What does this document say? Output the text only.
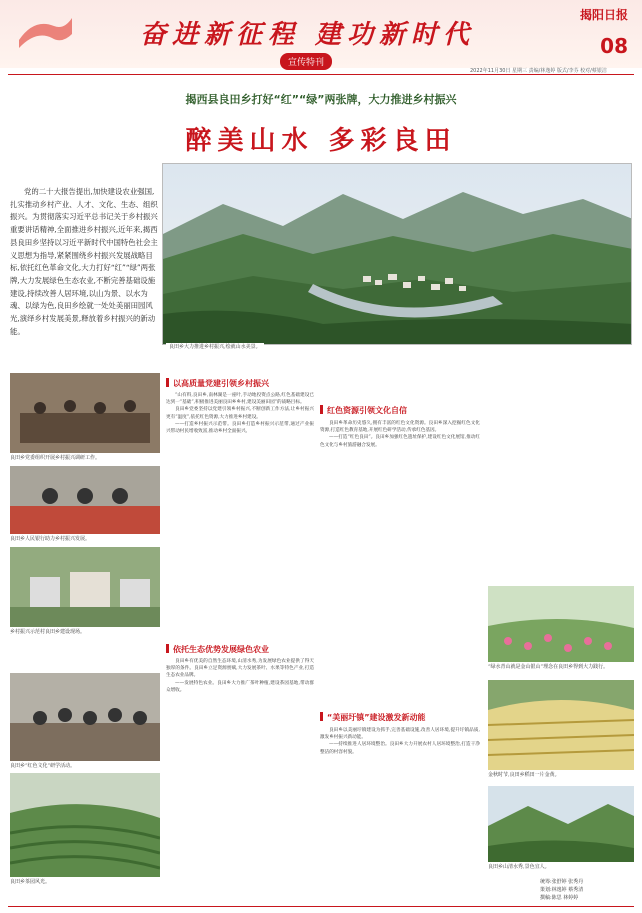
奋进新征程 建功新时代
揭阳日报
08
宣传特刊
2022年11月30日 星期三 责编/林逸婷 版式/李芬 校对/蔡银洁
揭西县良田乡打好“红”“绿”两张牌，大力推进乡村振兴
醉美山水 多彩良田
党的二十大报告提出,加快建设农业强国,扎实推动乡村产业、人才、文化、生态、组织振兴。为贯彻落实习近平总书记关于乡村振兴重要讲话精神,全面推进乡村振兴,近年来,揭西县良田乡坚持以习近平新时代中国特色社会主义思想为指导,紧紧围绕乡村振兴发展战略目标,依托红色革命文化,大力打好“红”“绿”两张牌,大力发展绿色生态农业,不断完善基础设施建设,持续改善人居环境,以山为景、以水为魂、以绿为色,良田乡绘就一处处美丽田园风光,演绎乡村发展美景,释放着乡村振兴的新动能。
良田乡大力推进乡村振兴,绘就山水美景。
良田乡党委组织开展乡村振兴调研工作。
良田乡人民银行助力乡村振兴发展。
乡村振兴示范村良田乡建设现场。
良田乡“红色文化”研学活动。
良田乡茶园风光。
以高质量党建引领乡村振兴

“山有料,良田乡,南林湖是一座叶,手动地投资点公路,红色基础建设已达到一“基础”,积极推进美丽良田乡乡村,建设美丽田园”的战略目标。

良田乡党委坚持以党建引领乡村振兴,不断创新工作方法,让乡村振兴更有“温度”,依托红色资源,大力推进乡村建设。

——打造乡村振兴示范带。良田乡打造乡村振兴示范带,通过产业振兴带动村民增收致富,推动乡村全面振兴。

依托生态优势发展绿色农业

良田乡有优美的自然生态环境,山清水秀,为发展绿色农业提供了得天独厚的条件。良田乡立足资源禀赋,大力发展茶叶、水果等特色产业,打造生态农业品牌。

——发展特色农业。良田乡大力推广茶叶种植,建设茶园基地,带动群众增收。

红色资源引领文化自信

良田乡革命历史悠久,拥有丰富的红色文化资源。良田乡深入挖掘红色文化资源,打造红色教育基地,开展红色研学活动,传承红色基因。

——打造“红色良田”。良田乡加强红色遗址保护,建设红色文化展馆,推动红色文化与乡村旅游融合发展。

“美丽圩镇”建设激发新动能

良田乡以美丽圩镇建设为抓手,完善基础设施,改善人居环境,提升圩镇品质,激发乡村振兴新动能。

——持续推进人居环境整治。良田乡大力开展农村人居环境整治,打造干净整洁的村容村貌。

“绿水青山就是金山银山”理念在良田乡得到大力践行。
金秋时节,良田乡稻田一片金黄。
良田乡山清水秀,景色宜人。
统筹:张舒婷 张秀丹
策划:林逸婷 蔡秀清
撰稿:陈思 林婷婷
